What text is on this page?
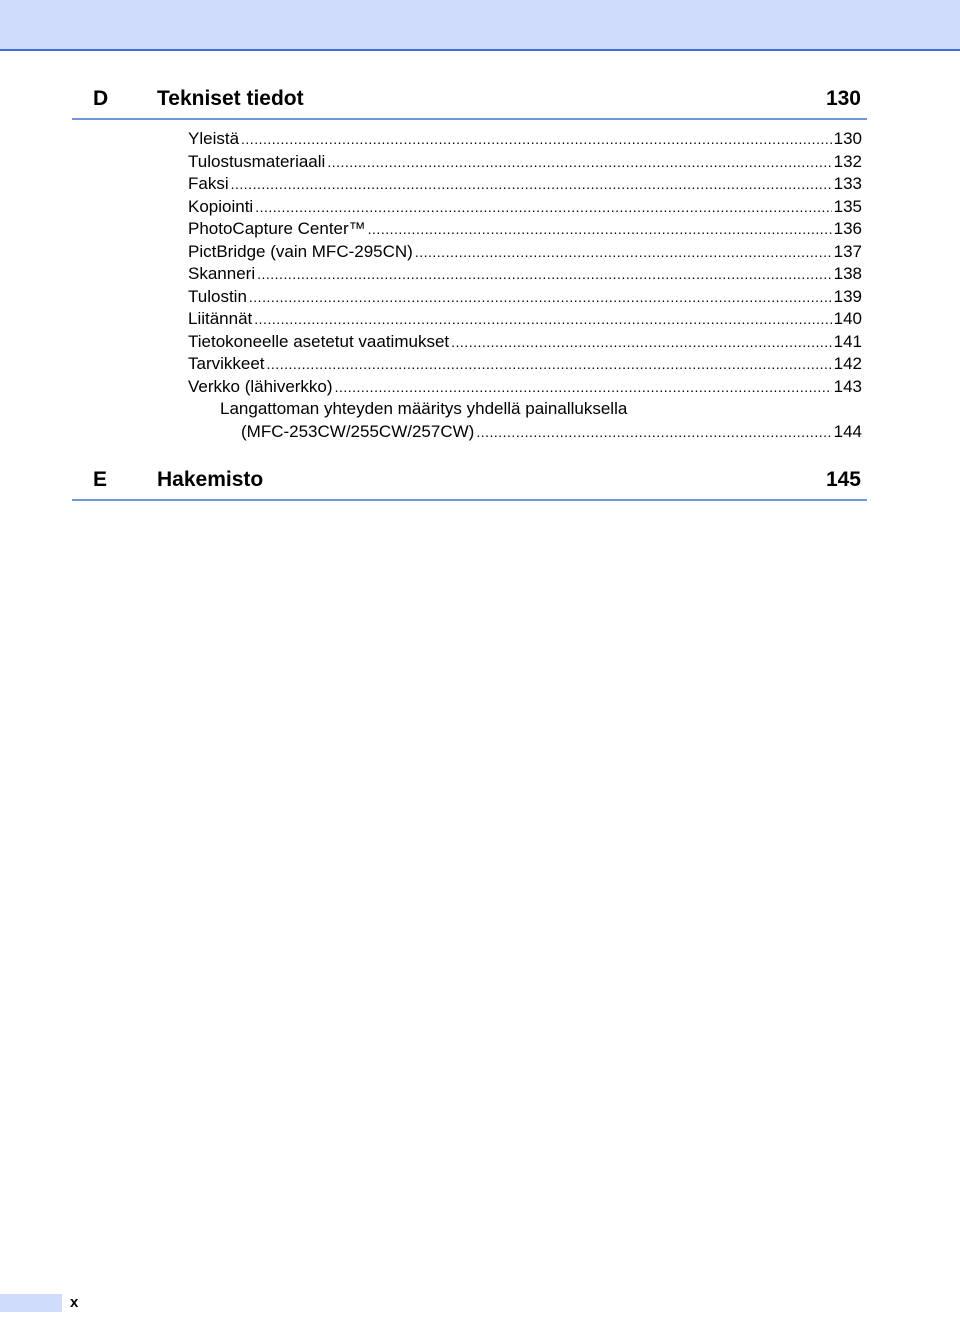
D Tekniset tiedot	130
Yleistä .....	130
Tulostusmateriaali .....	132
Faksi .....	133
Kopiointi .....	135
PhotoCapture Center™ .....	136
PictBridge (vain MFC-295CN) .....	137
Skanneri .....	138
Tulostin .....	139
Liitännät .....	140
Tietokoneelle asetetut vaatimukset .....	141
Tarvikkeet .....	142
Verkko (lähiverkko) .....	143
Langattoman yhteyden määritys yhdellä painalluksella
(MFC-253CW/255CW/257CW) .....	144
E Hakemisto	145
x
